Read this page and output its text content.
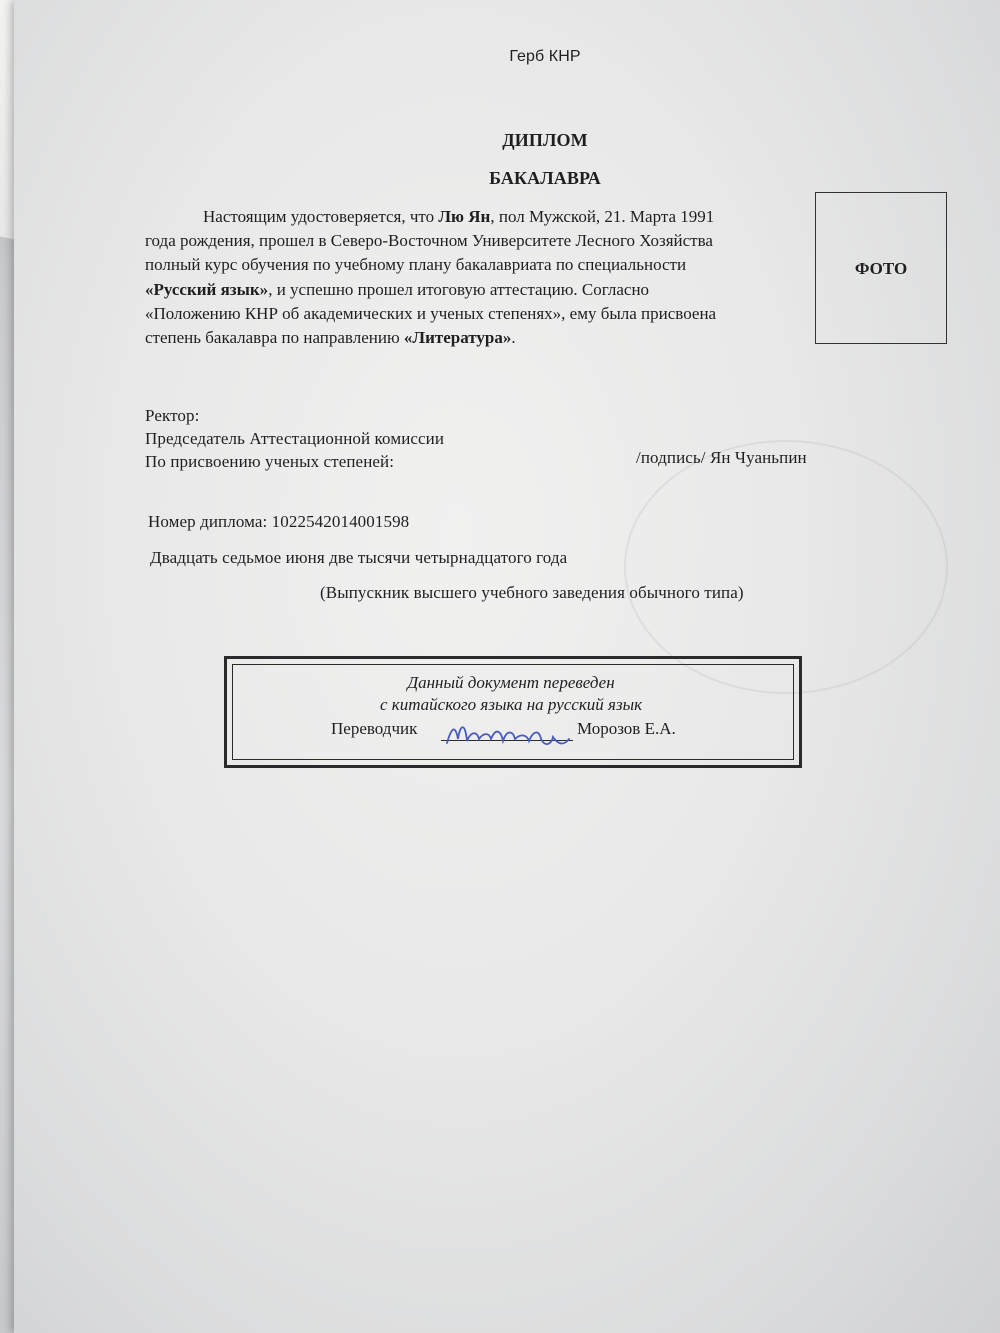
Герб КНР
ДИПЛОМ
БАКАЛАВРА
Настоящим удостоверяется, что Лю Ян, пол Мужской, 21. Марта 1991
года рождения, прошел в Северо-Восточном Университете Лесного Хозяйства
полный курс обучения по учебному плану бакалавриата по специальности
«Русский язык», и успешно прошел итоговую аттестацию. Согласно
«Положению КНР об академических и ученых степенях», ему была присвоена
степень бакалавра по направлению «Литература».
ФОТО
Ректор:
Председатель Аттестационной комиссии
По присвоению ученых степеней:	/подпись/ Ян Чуаньпин
Номер диплома: 1022542014001598
Двадцать седьмое июня две тысячи четырнадцатого года
(Выпускник высшего учебного заведения обычного типа)
Данный документ переведен
с китайского языка на русский язык
Переводчик	Морозов Е.А.
